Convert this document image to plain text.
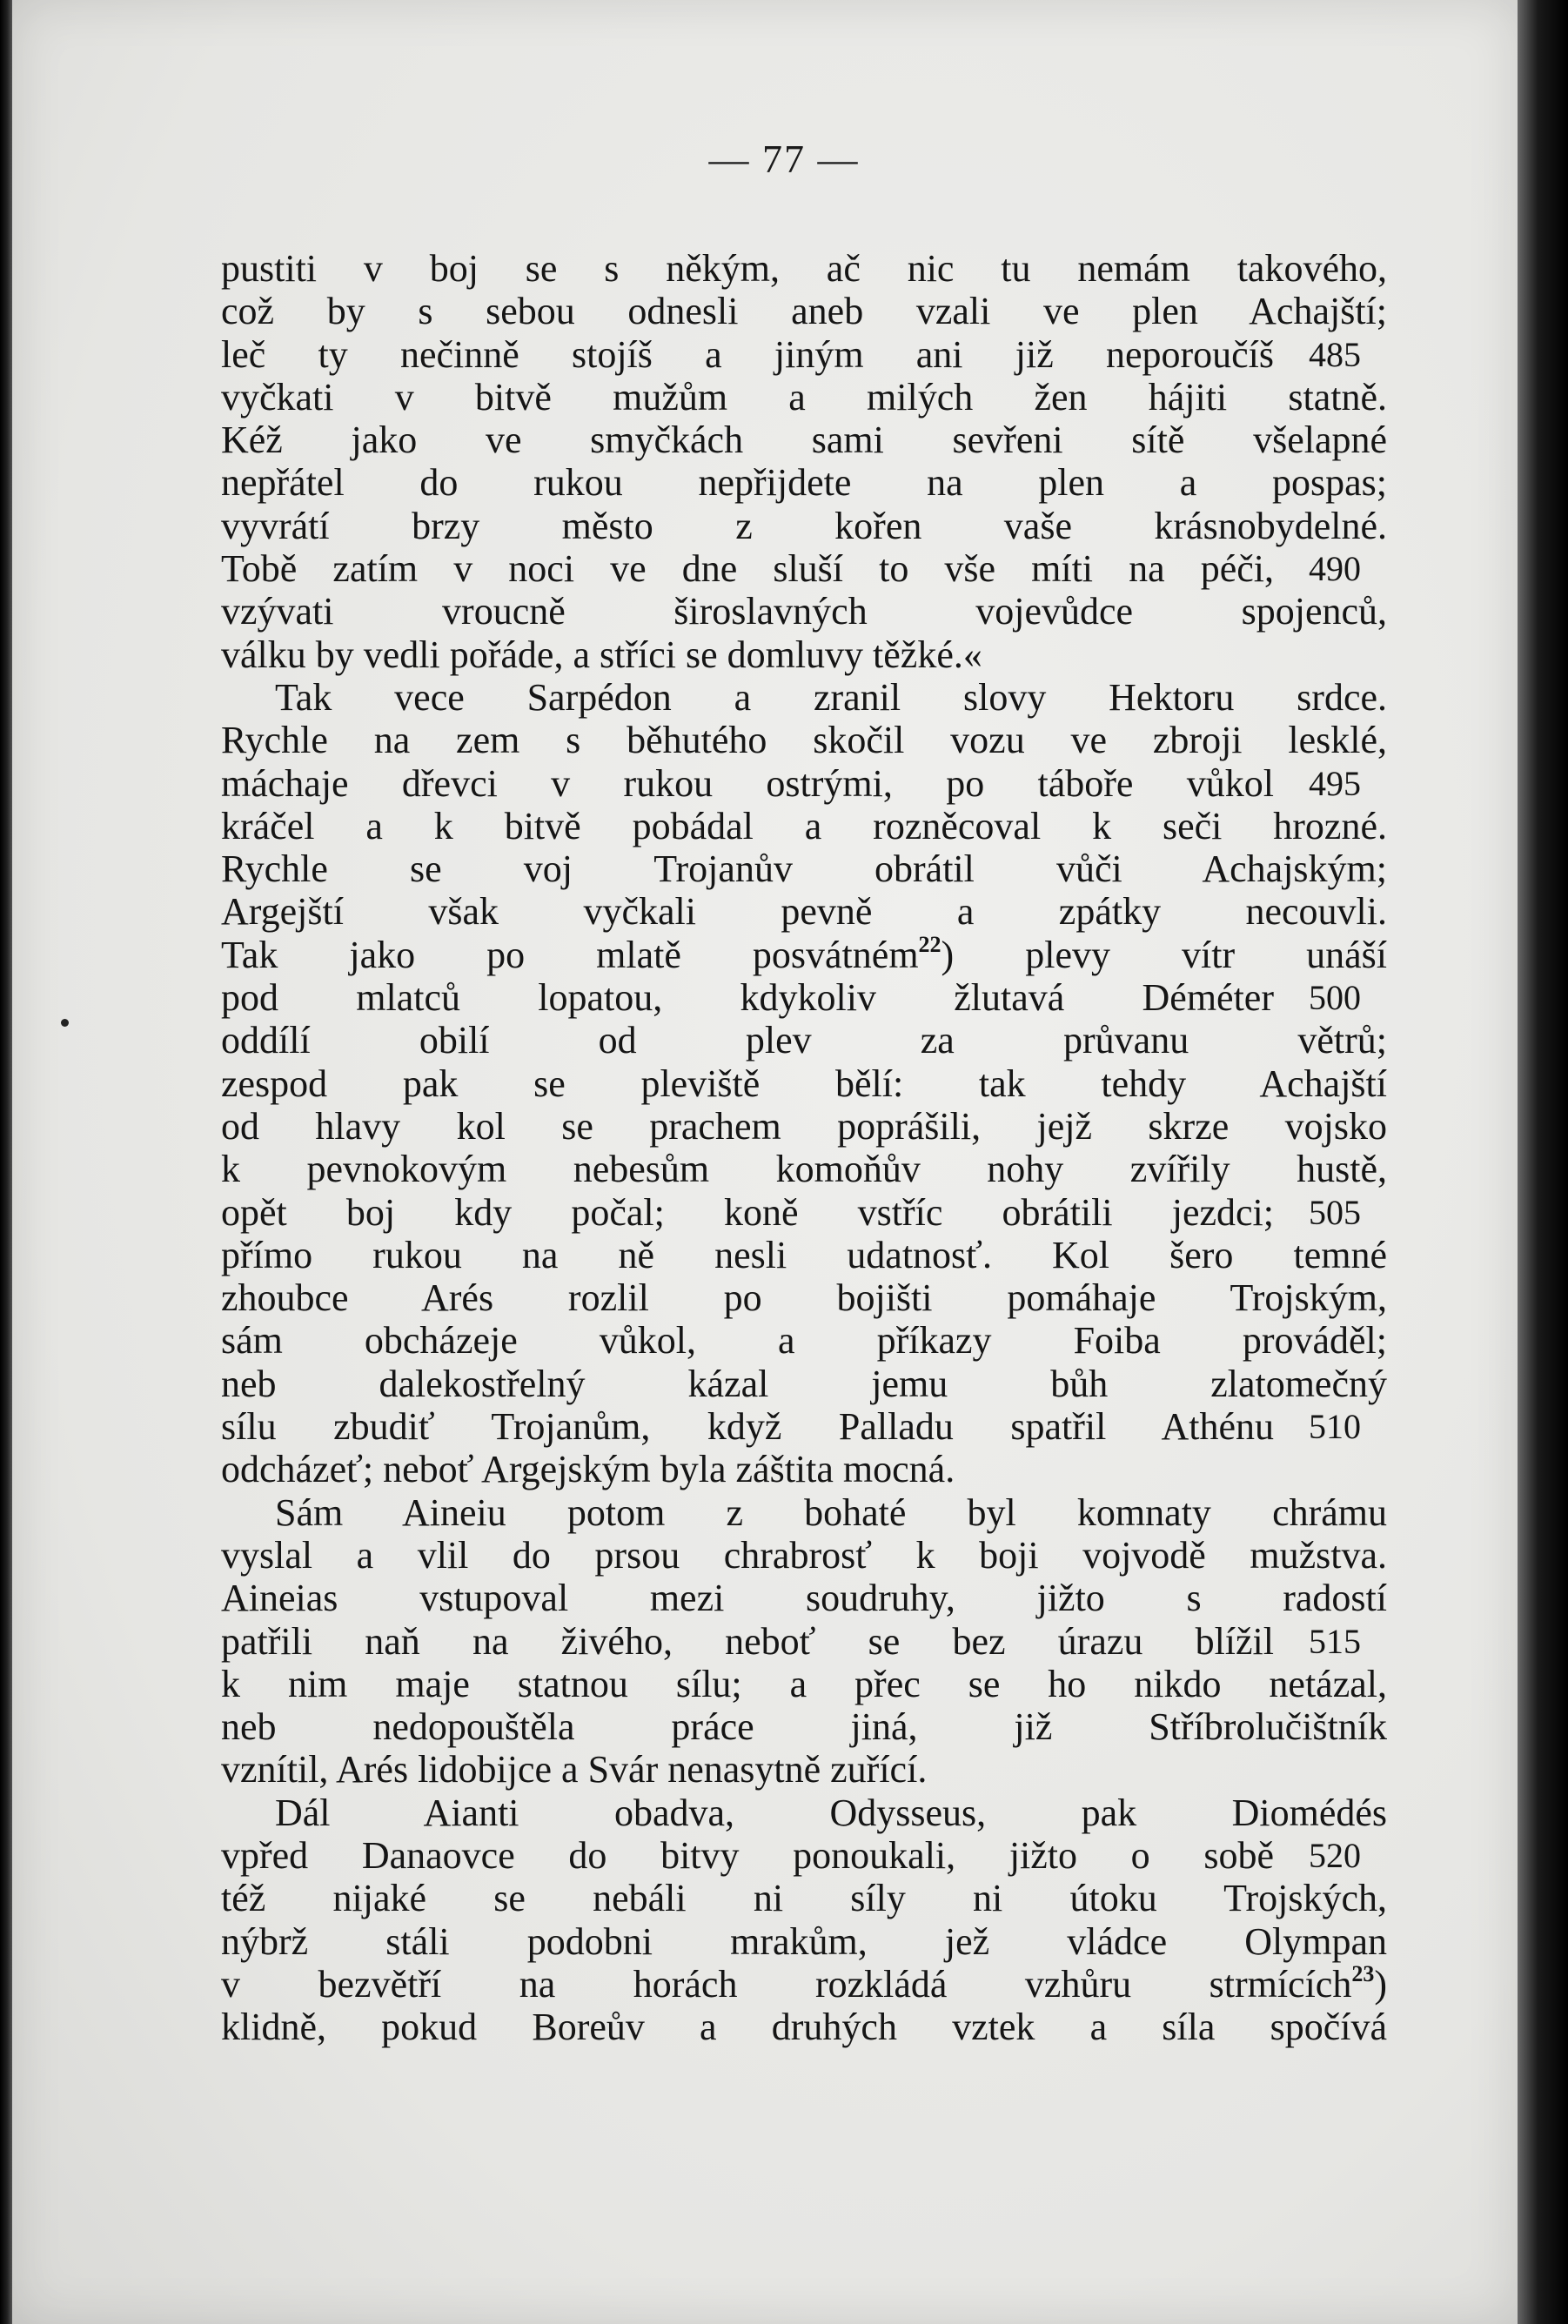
— 77 —
pustiti v boj se s někým, ač nic tu nemám takového,
což by s sebou odnesli aneb vzali ve plen Achajští;
leč ty nečinně stojíš a jiným ani již neporoučíš 485
vyčkati v bitvě mužům a milých žen hájiti statně.
Kéž jako ve smyčkách sami sevřeni sítě všelapné
nepřátel do rukou nepřijdete na plen a pospas;
vyvrátí brzy město z kořen vaše krásnobydelné.
Tobě zatím v noci ve dne sluší to vše míti na péči, 490
vzývati vroucně široslavných vojevůdce spojenců,
válku by vedli pořáde, a stříci se domluvy těžké.«
Tak vece Sarpédon a zranil slovy Hektoru srdce.
Rychle na zem s běhutého skočil vozu ve zbroji lesklé,
máchaje dřevci v rukou ostrými, po táboře vůkol 495
kráčel a k bitvě pobádal a rozněcoval k seči hrozné.
Rychle se voj Trojanův obrátil vůči Achajským;
Argejští však vyčkali pevně a zpátky necouvli.
Tak jako po mlatě posvátném$^{22}$) plevy vítr unáší
pod mlatců lopatou, kdykoliv žlutavá Déméter 500
oddílí obilí od plev za průvanu větrů;
zespod pak se pleviště bělí: tak tehdy Achajští
od hlavy kol se prachem poprášili, jejž skrze vojsko
k pevnokovým nebesům komoňův nohy zvířily hustě,
opět boj kdy počal; koně vstříc obrátili jezdci; 505
přímo rukou na ně nesli udatnosť. Kol šero temné
zhoubce Arés rozlil po bojišti pomáhaje Trojským,
sám obcházeje vůkol, a příkazy Foiba prováděl;
neb dalekostřelný kázal jemu bůh zlatomečný
sílu zbudiť Trojanům, když Palladu spatřil Athénu 510
odcházeť; neboť Argejským byla záštita mocná.
Sám Aineiu potom z bohaté byl komnaty chrámu
vyslal a vlil do prsou chrabrosť k boji vojvodě mužstva.
Aineias vstupoval mezi soudruhy, jižto s radostí
patřili naň na živého, neboť se bez úrazu blížil 515
k nim maje statnou sílu; a přec se ho nikdo netázal,
neb nedopouštěla práce jiná, již Stříbrolučištník
vznítil, Arés lidobijce a Svár nenasytně zuřící.
Dál Aianti obadva, Odysseus, pak Diomédés
vpřed Danaovce do bitvy ponoukali, jižto o sobě 520
též nijaké se nebáli ni síly ni útoku Trojských,
nýbrž stáli podobni mrakům, jež vládce Olympan
v bezvětří na horách rozkládá vzhůru strmících$^{23}$)
klidně, pokud Boreův a druhých vztek a síla spočívá
